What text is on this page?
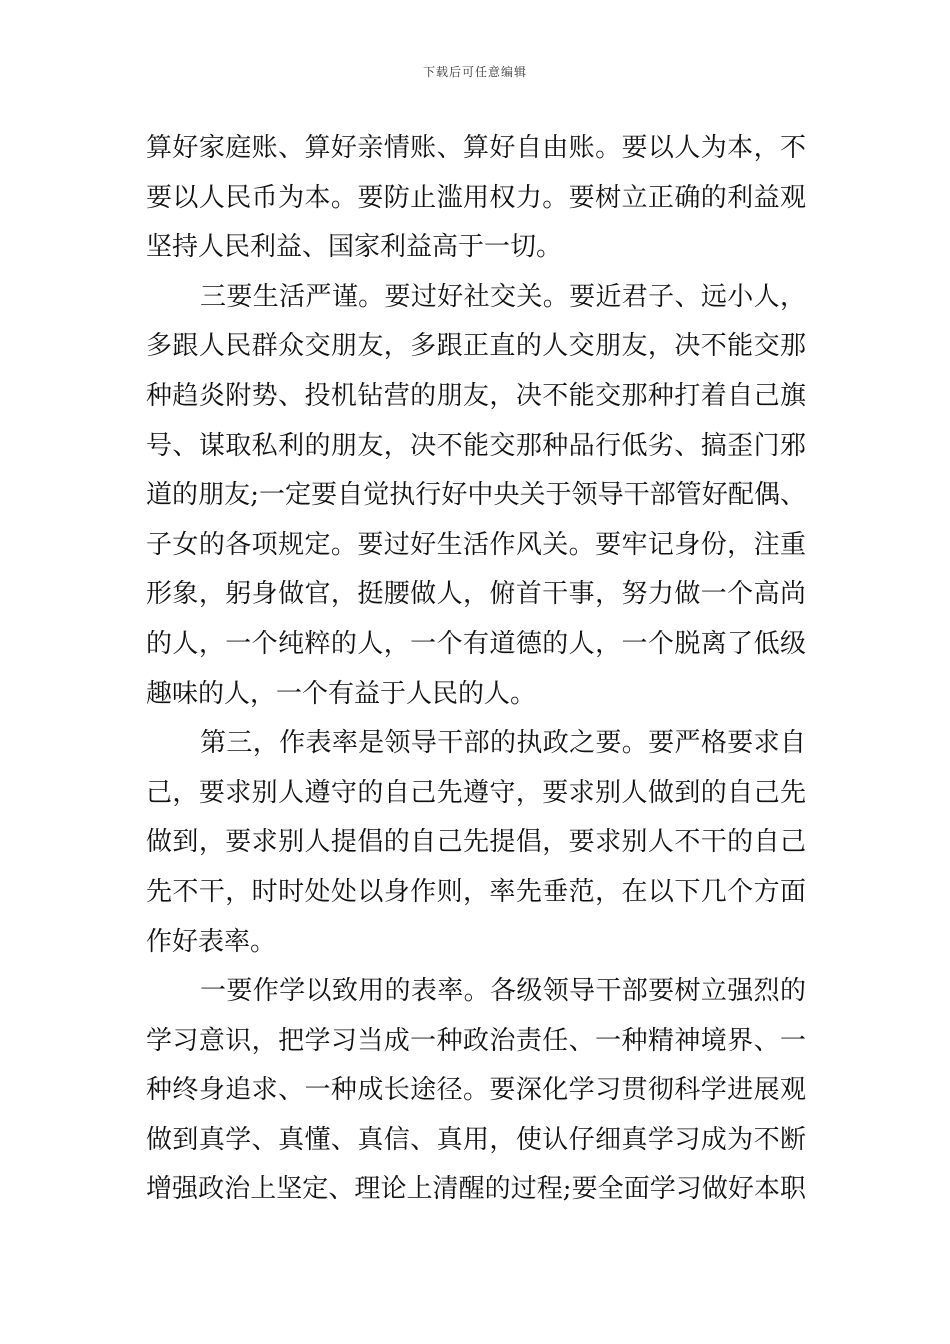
下载后可任意编辑
算好家庭账、算好亲情账、算好自由账。要以人为本，不
要以人民币为本。要防止滥用权力。要树立正确的利益观
坚持人民利益、国家利益高于一切。
三要生活严谨。要过好社交关。要近君子、远小人，
多跟人民群众交朋友，多跟正直的人交朋友，决不能交那
种趋炎附势、投机钻营的朋友，决不能交那种打着自己旗
号、谋取私利的朋友，决不能交那种品行低劣、搞歪门邪
道的朋友;一定要自觉执行好中央关于领导干部管好配偶、
子女的各项规定。要过好生活作风关。要牢记身份，注重
形象，躬身做官，挺腰做人，俯首干事，努力做一个高尚
的人，一个纯粹的人，一个有道德的人，一个脱离了低级
趣味的人，一个有益于人民的人。
第三，作表率是领导干部的执政之要。要严格要求自
己，要求别人遵守的自己先遵守，要求别人做到的自己先
做到，要求别人提倡的自己先提倡，要求别人不干的自己
先不干，时时处处以身作则，率先垂范，在以下几个方面
作好表率。
一要作学以致用的表率。各级领导干部要树立强烈的
学习意识，把学习当成一种政治责任、一种精神境界、一
种终身追求、一种成长途径。要深化学习贯彻科学进展观
做到真学、真懂、真信、真用，使认仔细真学习成为不断
增强政治上坚定、理论上清醒的过程;要全面学习做好本职
